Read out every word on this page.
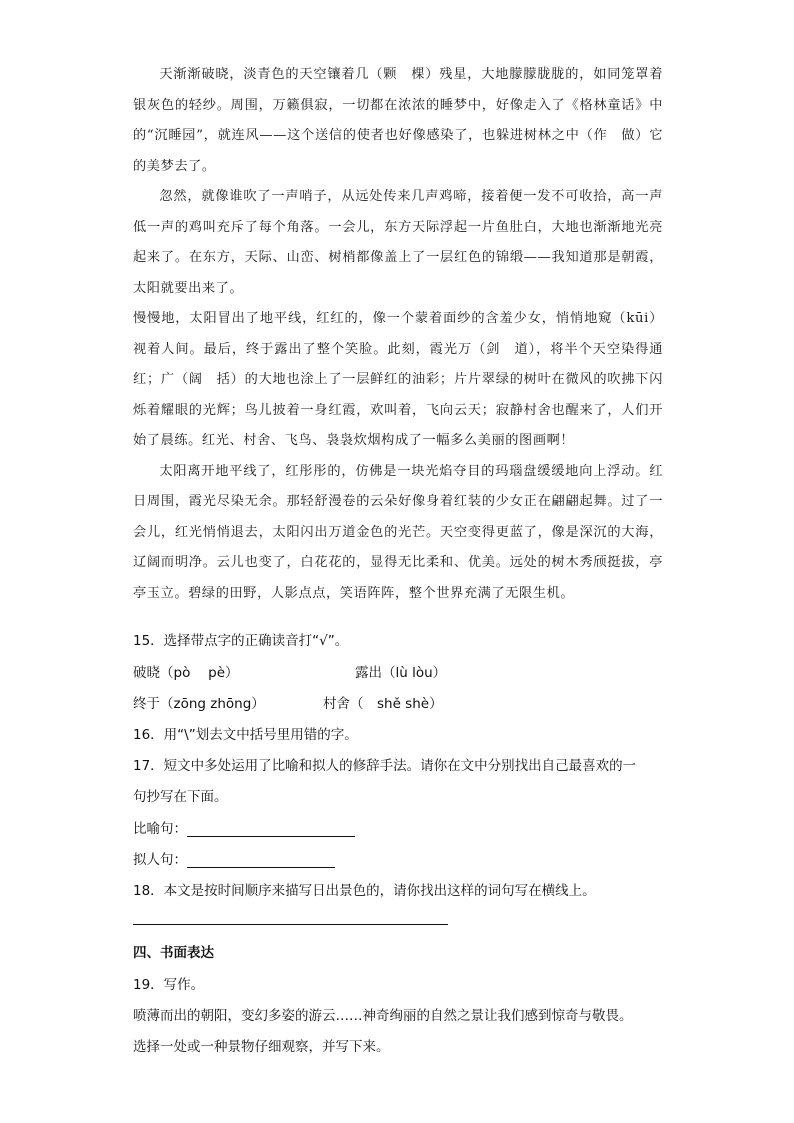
天渐渐破晓，淡青色的天空镶着几（颗　棵）残星，大地朦朦胧胧的，如同笼罩着银灰色的轻纱。周围，万籁俱寂，一切都在浓浓的睡梦中，好像走入了《格林童话》中的“沉睡园”，就连风——这个送信的使者也好像感染了，也躲进树林之中（作　做）它的美梦去了。

忽然，就像谁吹了一声哨子，从远处传来几声鸡啼，接着便一发不可收拾，高一声低一声的鸡叫充斥了每个角落。一会儿，东方天际浮起一片鱼肚白，大地也渐渐地光亮起来了。在东方，天际、山峦、树梢都像盖上了一层红色的锦缎——我知道那是朝霞，太阳就要出来了。

慢慢地，太阳冒出了地平线，红红的，像一个蒙着面纱的含羞少女，悄悄地窥（kūi）视着人间。最后，终于露出了整个笑脸。此刻，霞光万（剑　道），将半个天空染得通红；广（阔　括）的大地也涂上了一层鲜红的油彩；片片翠绿的树叶在微风的吹拂下闪烁着耀眼的光辉；鸟儿披着一身红霞，欢叫着，飞向云天；寂静村舍也醒来了，人们开始了晨练。红光、村舍、飞鸟、袅袅炊烟构成了一幅多么美丽的图画啊！

太阳离开地平线了，红彤彤的，仿佛是一块光焰夺目的玛瑙盘缓缓地向上浮动。红日周围，霞光尽染无余。那轻舒漫卷的云朵好像身着红装的少女正在翩翩起舞。过了一会儿，红光悄悄退去，太阳闪出万道金色的光芒。天空变得更蓝了，像是深沉的大海，辽阔而明净。云儿也变了，白花花的，显得无比柔和、优美。远处的树木秀颀挺拔，亭亭玉立。碧绿的田野，人影点点，笑语阵阵，整个世界充满了无限生机。

15．选择带点字的正确读音打“√”。
破晓（pò　 pè）	露出（lù lòu）
终于（zōng zhōng）	村舍（　shě shè）
16．用“\”划去文中括号里用错的字。
17．短文中多处运用了比喻和拟人的修辞手法。请你在文中分别找出自己最喜欢的一
句抄写在下面。
比喻句：
拟人句：
18．本文是按时间顺序来描写日出景色的，请你找出这样的词句写在横线上。
四、书面表达
19．写作。
喷薄而出的朝阳，变幻多姿的游云……神奇绚丽的自然之景让我们感到惊奇与敬畏。
选择一处或一种景物仔细观察，并写下来。
